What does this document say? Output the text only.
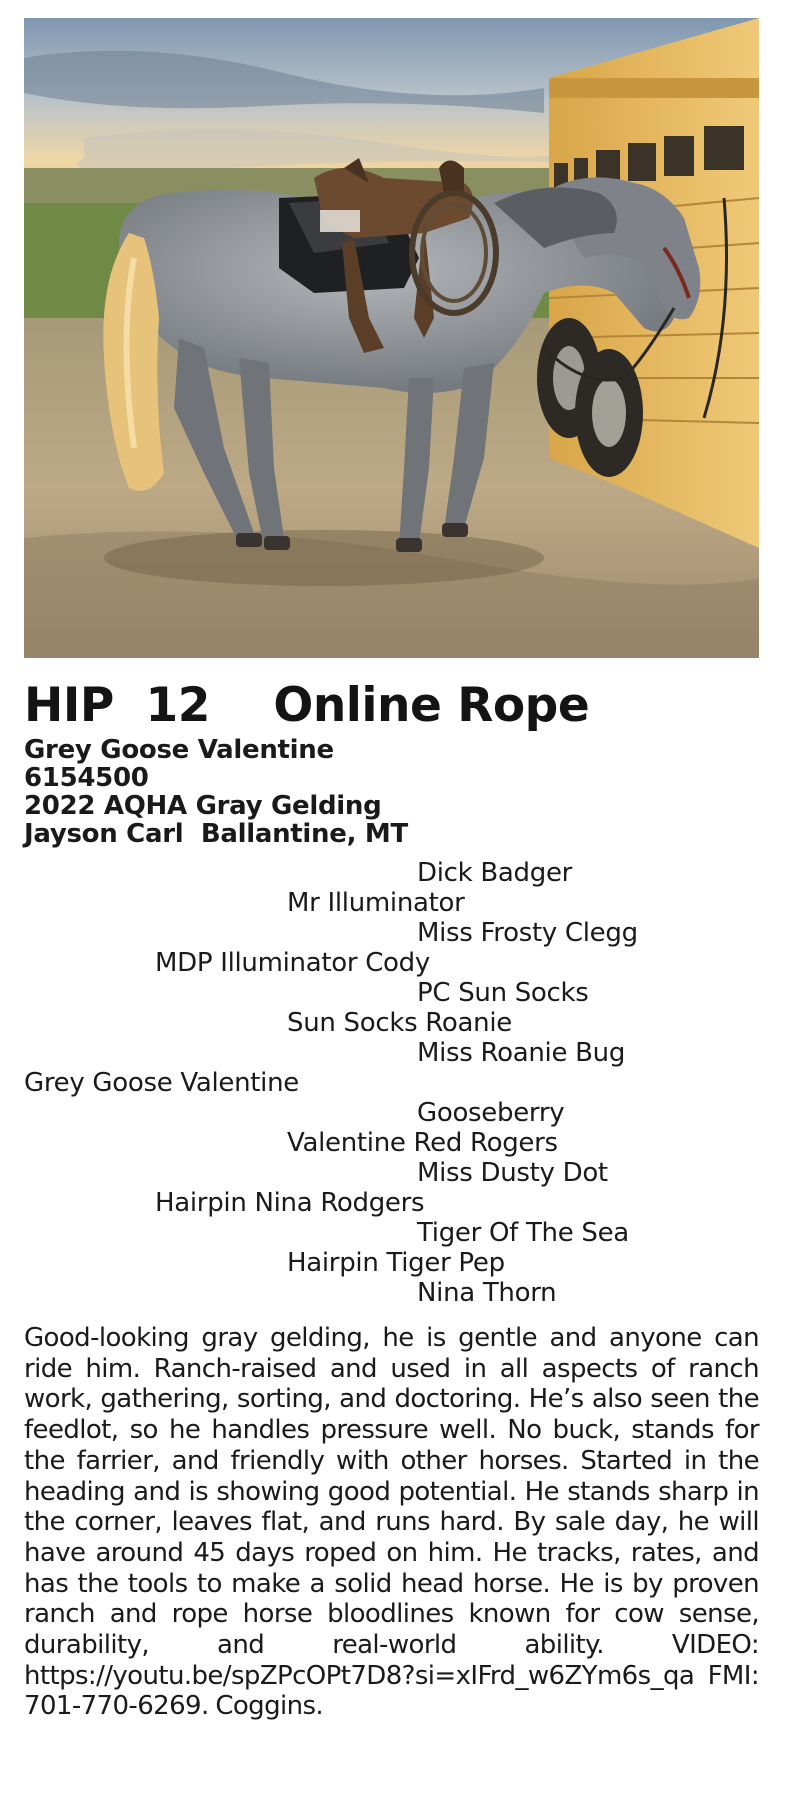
HIP  12 Online Rope
Grey Goose Valentine
6154500
2022 AQHA Gray Gelding
Jayson Carl Ballantine, MT
Dick Badger
Mr Illuminator
Miss Frosty Clegg
MDP Illuminator Cody
PC Sun Socks
Sun Socks Roanie
Miss Roanie Bug
Grey Goose Valentine
Gooseberry
Valentine Red Rogers
Miss Dusty Dot
Hairpin Nina Rodgers
Tiger Of The Sea
Hairpin Tiger Pep
Nina Thorn

Good-looking gray gelding, he is gentle and anyone can ride him. Ranch-raised and used in all aspects of ranch work, gathering, sorting, and doctoring. He’s also seen the feedlot, so he handles pressure well. No buck, stands for the farrier, and friendly with other horses. Started in the heading and is showing good potential. He stands sharp in the corner, leaves flat, and runs hard. By sale day, he will have around 45 days roped on him. He tracks, rates, and has the tools to make a solid head horse. He is by proven ranch and rope horse bloodlines known for cow sense, durability, and real-world ability. VIDEO: https://youtu.be/spZPcOPt7D8?si=xIFrd_w6ZYm6s_qa FMI: 701-770-6269. Coggins.
